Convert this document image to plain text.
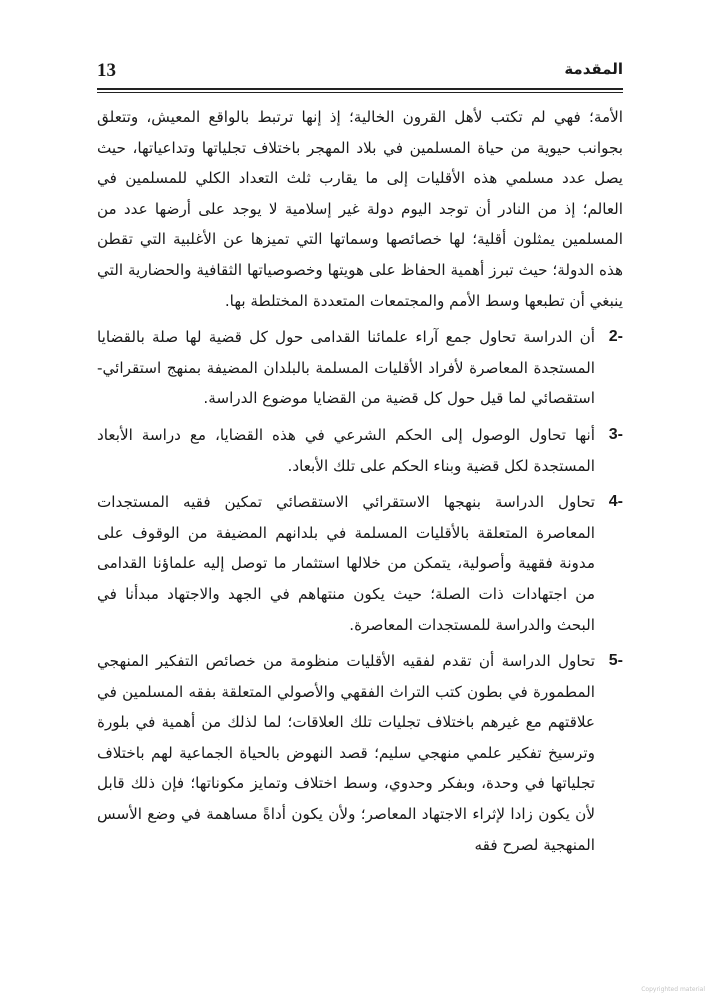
13	المقدمة

الأمة؛ فهي لم تكتب لأهل القرون الخالية؛ إذ إنها ترتبط بالواقع المعيش، وتتعلق بجوانب حيوية من حياة المسلمين في بلاد المهجر باختلاف تجلياتها وتداعياتها، حيث يصل عدد مسلمي هذه الأقليات إلى ما يقارب ثلث التعداد الكلي للمسلمين في العالم؛ إذ من النادر أن توجد اليوم دولة غير إسلامية لا يوجد على أرضها عدد من المسلمين يمثلون أقلية؛ لها خصائصها وسماتها التي تميزها عن الأغلبية التي تقطن هذه الدولة؛ حيث تبرز أهمية الحفاظ على هويتها وخصوصياتها الثقافية والحضارية التي ينبغي أن تطبعها وسط الأمم والمجتمعات المتعددة المختلطة بها.

2-

أن الدراسة تحاول جمع آراء علمائنا القدامى حول كل قضية لها صلة بالقضايا المستجدة المعاصرة لأفراد الأقليات المسلمة بالبلدان المضيفة بمنهج استقرائي- استقصائي لما قيل حول كل قضية من القضايا موضوع الدراسة.

3-

أنها تحاول الوصول إلى الحكم الشرعي في هذه القضايا، مع دراسة الأبعاد المستجدة لكل قضية وبناء الحكم على تلك الأبعاد.

4-

تحاول الدراسة بنهجها الاستقرائي الاستقصائي تمكين فقيه المستجدات المعاصرة المتعلقة بالأقليات المسلمة في بلدانهم المضيفة من الوقوف على مدونة فقهية وأصولية، يتمكن من خلالها استثمار ما توصل إليه علماؤنا القدامى من اجتهادات ذات الصلة؛ حيث يكون منتهاهم في الجهد والاجتهاد مبدأنا في البحث والدراسة للمستجدات المعاصرة.

5-

تحاول الدراسة أن تقدم لفقيه الأقليات منظومة من خصائص التفكير المنهجي المطمورة في بطون كتب التراث الفقهي والأصولي المتعلقة بفقه المسلمين في علاقتهم مع غيرهم باختلاف تجليات تلك العلاقات؛ لما لذلك من أهمية في بلورة وترسيخ تفكير علمي منهجي سليم؛ قصد النهوض بالحياة الجماعية لهم باختلاف تجلياتها في وحدة، وبفكر وحدوي، وسط اختلاف وتمايز مكوناتها؛ فإن ذلك قابل لأن يكون زادا لإثراء الاجتهاد المعاصر؛ ولأن يكون أداةً مساهمة في وضع الأسس المنهجية لصرح فقه

Copyrighted material
